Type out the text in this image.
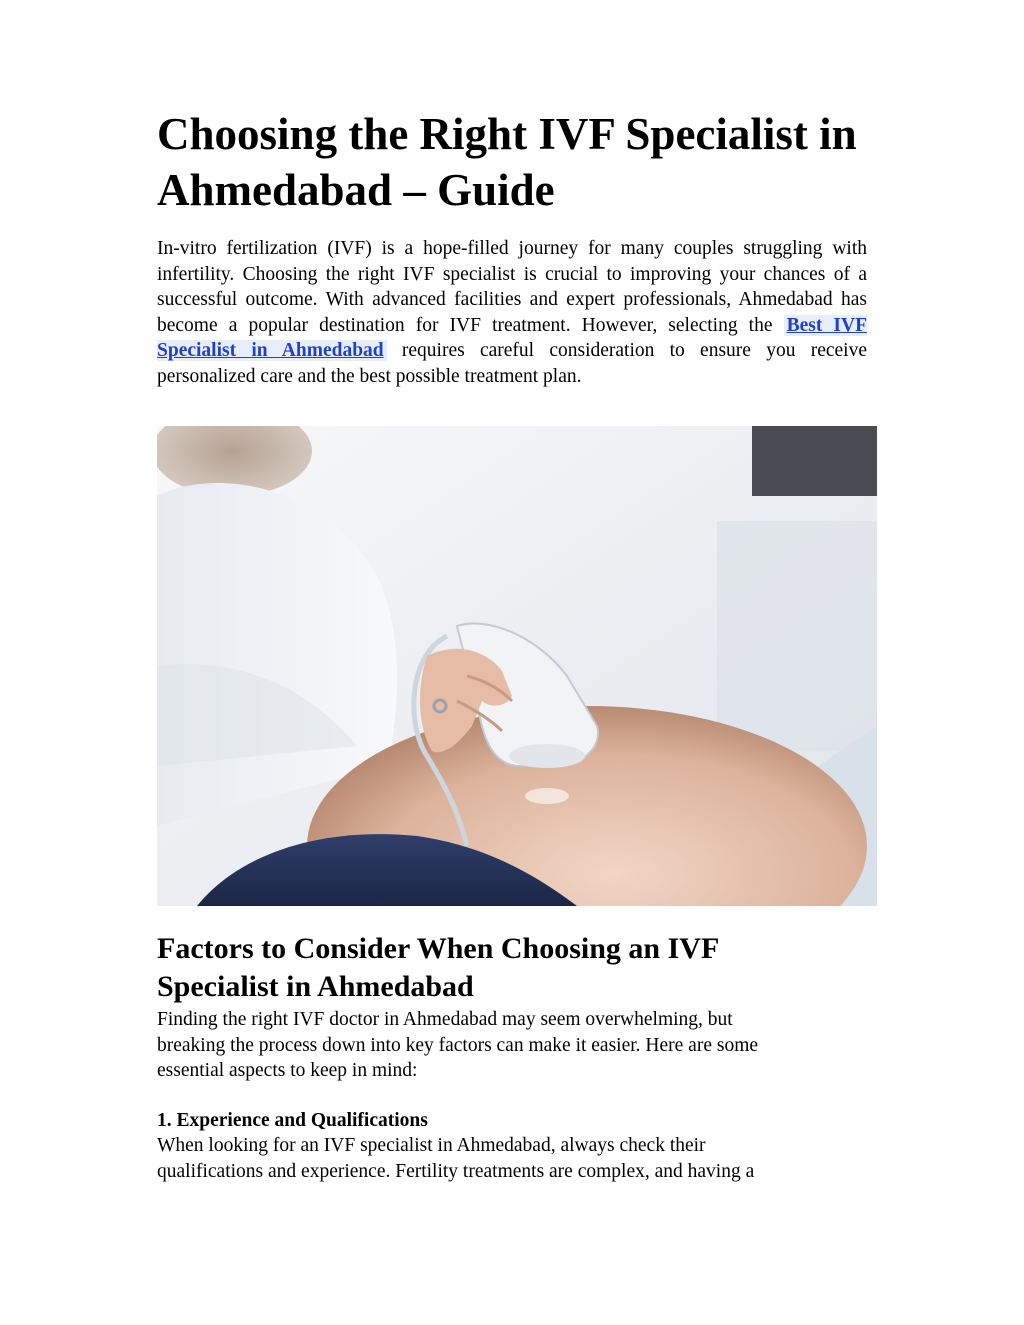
Choosing the Right IVF Specialist in
Ahmedabad – Guide

In-vitro fertilization (IVF) is a hope-filled journey for many couples struggling with infertility. Choosing the right IVF specialist is crucial to improving your chances of a successful outcome. With advanced facilities and expert professionals, Ahmedabad has become a popular destination for IVF treatment. However, selecting the Best IVF Specialist in Ahmedabad requires careful consideration to ensure you receive personalized care and the best possible treatment plan.

Factors to Consider When Choosing an IVF
Specialist in Ahmedabad

Finding the right IVF doctor in Ahmedabad may seem overwhelming, but
breaking the process down into key factors can make it easier. Here are some
essential aspects to keep in mind:

1. Experience and Qualifications

When looking for an IVF specialist in Ahmedabad, always check their
qualifications and experience. Fertility treatments are complex, and having a
